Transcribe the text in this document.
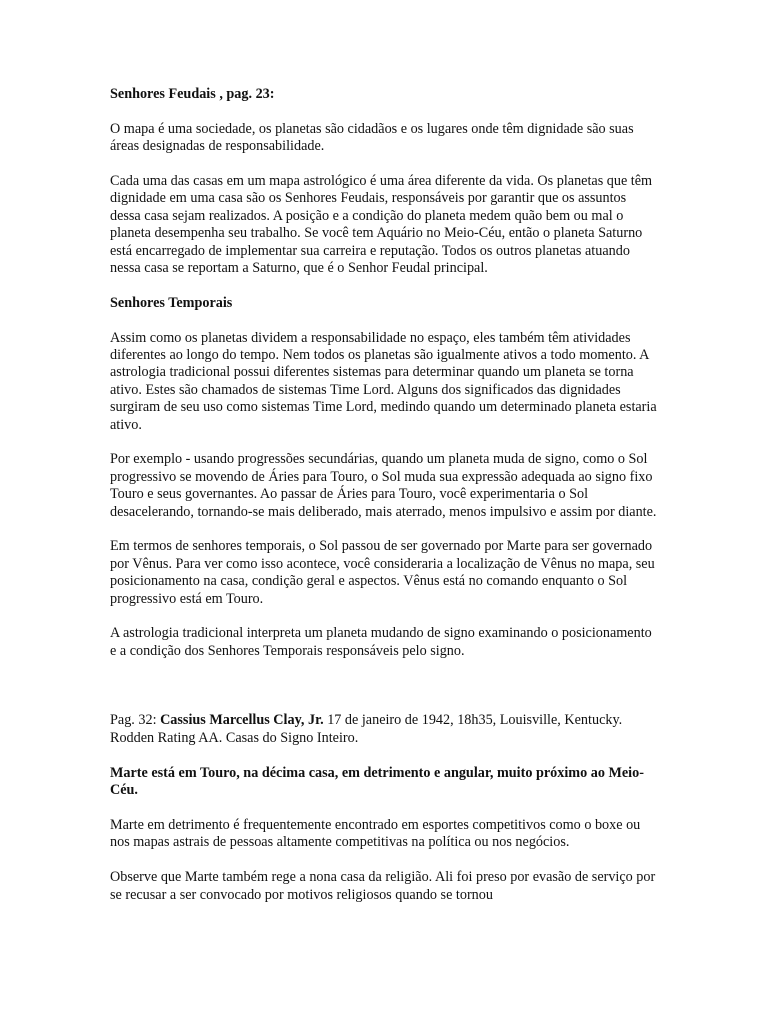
Senhores Feudais , pag. 23:

O mapa é uma sociedade, os planetas são cidadãos e os lugares onde têm dignidade são suas áreas designadas de responsabilidade.

Cada uma das casas em um mapa astrológico é uma área diferente da vida. Os planetas que têm dignidade em uma casa são os Senhores Feudais, responsáveis por garantir que os assuntos dessa casa sejam realizados. A posição e a condição do planeta medem quão bem ou mal o planeta desempenha seu trabalho. Se você tem Aquário no Meio-Céu, então o planeta Saturno está encarregado de implementar sua carreira e reputação. Todos os outros planetas atuando nessa casa se reportam a Saturno, que é o Senhor Feudal principal.

Senhores Temporais

Assim como os planetas dividem a responsabilidade no espaço, eles também têm atividades diferentes ao longo do tempo. Nem todos os planetas são igualmente ativos a todo momento. A astrologia tradicional possui diferentes sistemas para determinar quando um planeta se torna ativo. Estes são chamados de sistemas Time Lord. Alguns dos significados das dignidades surgiram de seu uso como sistemas Time Lord, medindo quando um determinado planeta estaria ativo.

Por exemplo - usando progressões secundárias, quando um planeta muda de signo, como o Sol progressivo se movendo de Áries para Touro, o Sol muda sua expressão adequada ao signo fixo Touro e seus governantes. Ao passar de Áries para Touro, você experimentaria o Sol desacelerando, tornando-se mais deliberado, mais aterrado, menos impulsivo e assim por diante.

Em termos de senhores temporais, o Sol passou de ser governado por Marte para ser governado por Vênus. Para ver como isso acontece, você consideraria a localização de Vênus no mapa, seu posicionamento na casa, condição geral e aspectos. Vênus está no comando enquanto o Sol progressivo está em Touro.

A astrologia tradicional interpreta um planeta mudando de signo examinando o posicionamento e a condição dos Senhores Temporais responsáveis pelo signo.

Pag. 32: Cassius Marcellus Clay, Jr. 17 de janeiro de 1942, 18h35, Louisville, Kentucky. Rodden Rating AA. Casas do Signo Inteiro.

Marte está em Touro, na décima casa, em detrimento e angular, muito próximo ao Meio-Céu.

Marte em detrimento é frequentemente encontrado em esportes competitivos como o boxe ou nos mapas astrais de pessoas altamente competitivas na política ou nos negócios.

Observe que Marte também rege a nona casa da religião. Ali foi preso por evasão de serviço por se recusar a ser convocado por motivos religiosos quando se tornou
